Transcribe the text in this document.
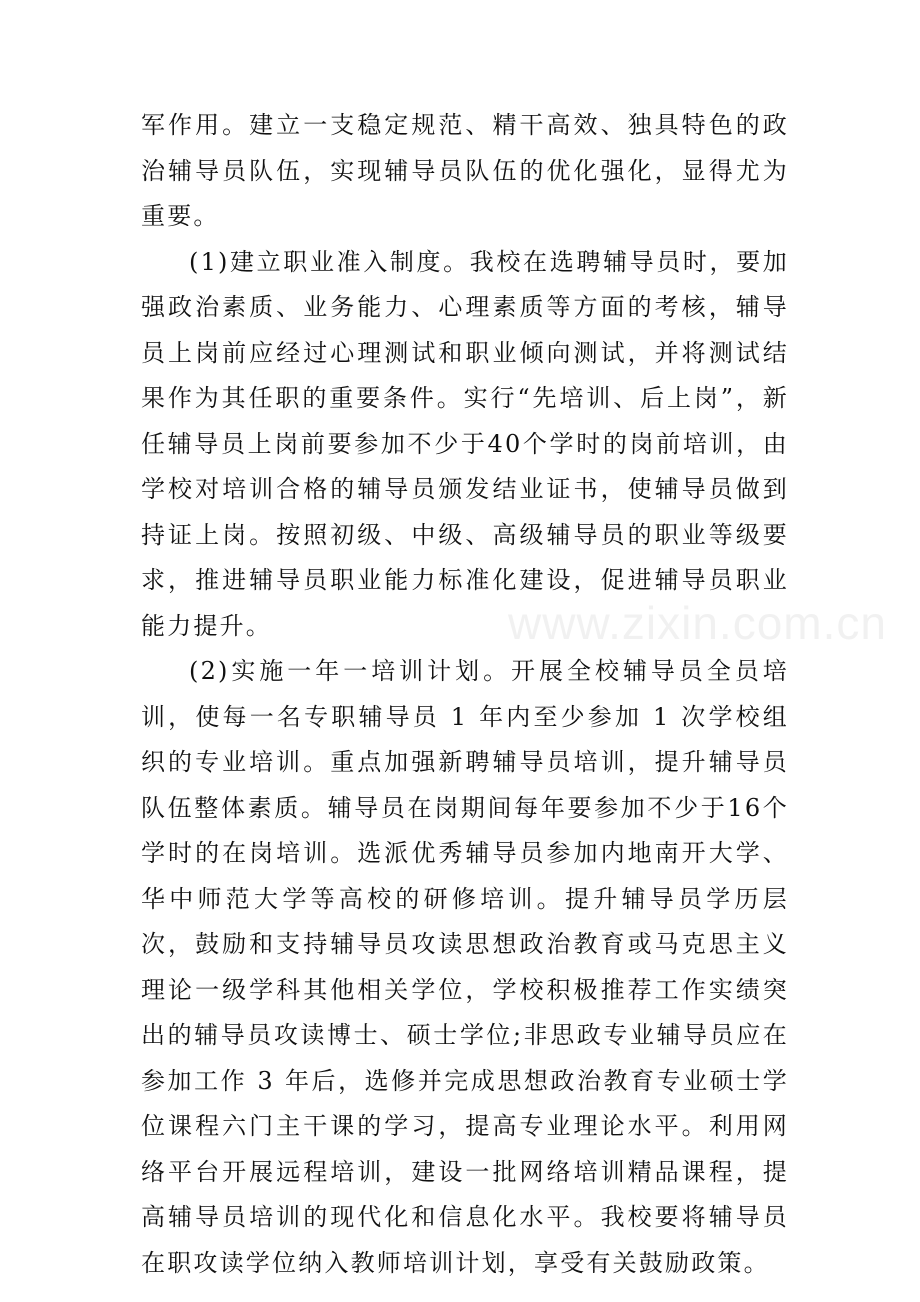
军作用。建立一支稳定规范、精干高效、独具特色的政治辅导员队伍，实现辅导员队伍的优化强化，显得尤为重要。

(1)建立职业准入制度。我校在选聘辅导员时，要加强政治素质、业务能力、心理素质等方面的考核，辅导员上岗前应经过心理测试和职业倾向测试，并将测试结果作为其任职的重要条件。实行“先培训、后上岗”，新任辅导员上岗前要参加不少于40个学时的岗前培训，由学校对培训合格的辅导员颁发结业证书，使辅导员做到持证上岗。按照初级、中级、高级辅导员的职业等级要求，推进辅导员职业能力标准化建设，促进辅导员职业能力提升。

(2)实施一年一培训计划。开展全校辅导员全员培训，使每一名专职辅导员 1 年内至少参加 1 次学校组织的专业培训。重点加强新聘辅导员培训，提升辅导员队伍整体素质。辅导员在岗期间每年要参加不少于16个学时的在岗培训。选派优秀辅导员参加内地南开大学、华中师范大学等高校的研修培训。提升辅导员学历层次，鼓励和支持辅导员攻读思想政治教育或马克思主义理论一级学科其他相关学位，学校积极推荐工作实绩突出的辅导员攻读博士、硕士学位;非思政专业辅导员应在参加工作 3 年后，选修并完成思想政治教育专业硕士学位课程六门主干课的学习，提高专业理论水平。利用网络平台开展远程培训，建设一批网络培训精品课程，提高辅导员培训的现代化和信息化水平。我校要将辅导员在职攻读学位纳入教师培训计划，享受有关鼓励政策。

www.zixin.com.cn
